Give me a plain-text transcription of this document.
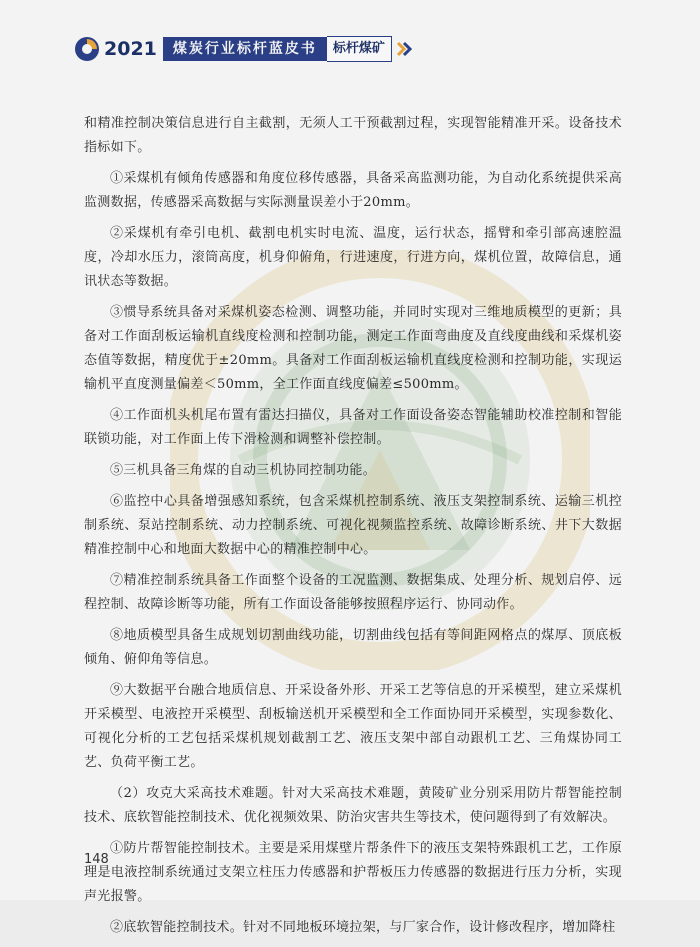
2021	煤炭行业标杆蓝皮书	标杆煤矿

和精准控制决策信息进行自主截割，无须人工干预截割过程，实现智能精准开采。设备技术指标如下。

①采煤机有倾角传感器和角度位移传感器，具备采高监测功能，为自动化系统提供采高监测数据，传感器采高数据与实际测量误差小于20mm。

②采煤机有牵引电机、截割电机实时电流、温度，运行状态，摇臂和牵引部高速腔温度，冷却水压力，滚筒高度，机身仰俯角，行进速度，行进方向，煤机位置，故障信息，通讯状态等数据。

③惯导系统具备对采煤机姿态检测、调整功能，并同时实现对三维地质模型的更新；具备对工作面刮板运输机直线度检测和控制功能，测定工作面弯曲度及直线度曲线和采煤机姿态值等数据，精度优于±20mm。具备对工作面刮板运输机直线度检测和控制功能，实现运输机平直度测量偏差＜50mm，全工作面直线度偏差≤500mm。

④工作面机头机尾布置有雷达扫描仪，具备对工作面设备姿态智能辅助校准控制和智能联锁功能，对工作面上传下滑检测和调整补偿控制。

⑤三机具备三角煤的自动三机协同控制功能。

⑥监控中心具备增强感知系统，包含采煤机控制系统、液压支架控制系统、运输三机控制系统、泵站控制系统、动力控制系统、可视化视频监控系统、故障诊断系统、井下大数据精准控制中心和地面大数据中心的精准控制中心。

⑦精准控制系统具备工作面整个设备的工况监测、数据集成、处理分析、规划启停、远程控制、故障诊断等功能，所有工作面设备能够按照程序运行、协同动作。

⑧地质模型具备生成规划切割曲线功能，切割曲线包括有等间距网格点的煤厚、顶底板倾角、俯仰角等信息。

⑨大数据平台融合地质信息、开采设备外形、开采工艺等信息的开采模型，建立采煤机开采模型、电液控开采模型、刮板输送机开采模型和全工作面协同开采模型，实现参数化、可视化分析的工艺包括采煤机规划截割工艺、液压支架中部自动跟机工艺、三角煤协同工艺、负荷平衡工艺。

（2）攻克大采高技术难题。针对大采高技术难题，黄陵矿业分别采用防片帮智能控制技术、底软智能控制技术、优化视频效果、防治灾害共生等技术，使问题得到了有效解决。

①防片帮智能控制技术。主要是采用煤壁片帮条件下的液压支架特殊跟机工艺，工作原理是电液控制系统通过支架立柱压力传感器和护帮板压力传感器的数据进行压力分析，实现声光报警。

②底软智能控制技术。针对不同地板环境拉架，与厂家合作，设计修改程序，增加降柱

148
